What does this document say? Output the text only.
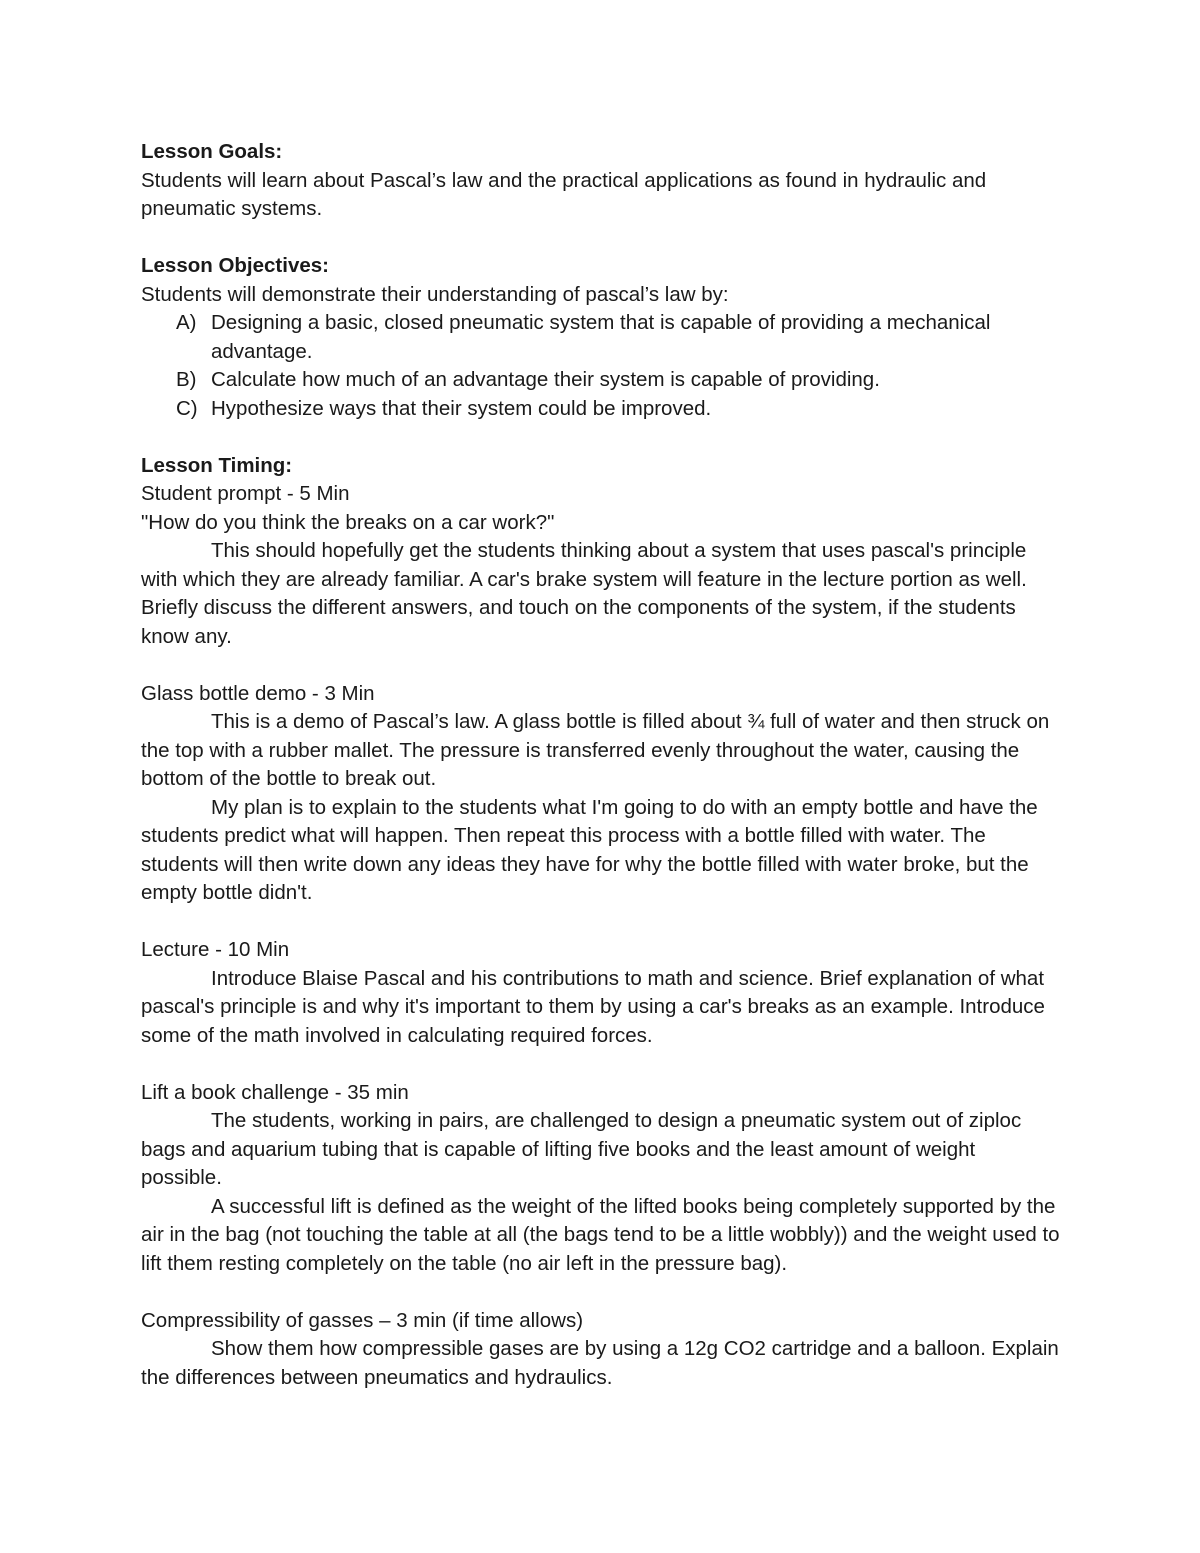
Lesson Goals:

Students will learn about Pascal’s law and the practical applications as found in hydraulic and pneumatic systems.

Lesson Objectives:

Students will demonstrate their understanding of pascal’s law by:

A) Designing a basic, closed pneumatic system that is capable of providing a mechanical advantage.
B) Calculate how much of an advantage their system is capable of providing.
C) Hypothesize ways that their system could be improved.

Lesson Timing:

Student prompt - 5 Min

"How do you think the breaks on a car work?"

This should hopefully get the students thinking about a system that uses pascal's principle with which they are already familiar. A car's brake system will feature in the lecture portion as well. Briefly discuss the different answers, and touch on the components of the system, if the students know any.

Glass bottle demo - 3 Min

This is a demo of Pascal’s law. A glass bottle is filled about ¾ full of water and then struck on the top with a rubber mallet. The pressure is transferred evenly throughout the water, causing the bottom of the bottle to break out.

My plan is to explain to the students what I'm going to do with an empty bottle and have the students predict what will happen. Then repeat this process with a bottle filled with water. The students will then write down any ideas they have for why the bottle filled with water broke, but the empty bottle didn't.

Lecture - 10 Min

Introduce Blaise Pascal and his contributions to math and science. Brief explanation of what pascal's principle is and why it's important to them by using a car's breaks as an example. Introduce some of the math involved in calculating required forces.

Lift a book challenge - 35 min

The students, working in pairs, are challenged to design a pneumatic system out of ziploc bags and aquarium tubing that is capable of lifting five books and the least amount of weight possible.

A successful lift is defined as the weight of the lifted books being completely supported by the air in the bag (not touching the table at all (the bags tend to be a little wobbly)) and the weight used to lift them resting completely on the table (no air left in the pressure bag).

Compressibility of gasses – 3 min (if time allows)

Show them how compressible gases are by using a 12g CO2 cartridge and a balloon. Explain the differences between pneumatics and hydraulics.
